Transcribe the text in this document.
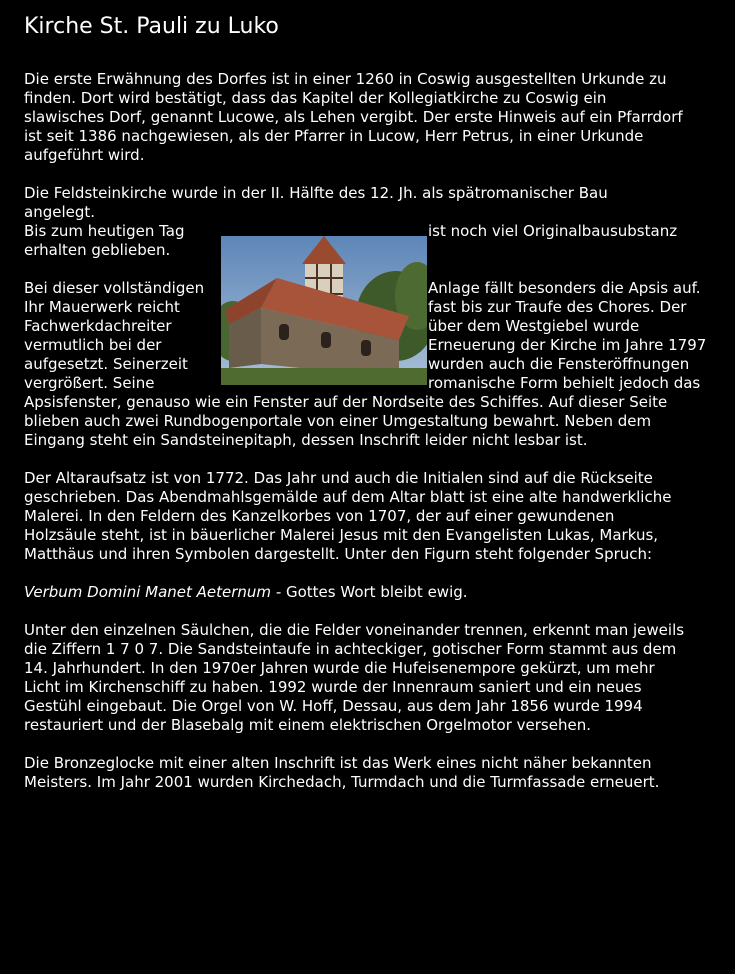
Kirche St. Pauli zu Luko
Die erste Erwähnung des Dorfes ist in einer 1260 in Coswig ausgestellten Urkunde zu
finden. Dort wird bestätigt, dass das Kapitel der Kollegiatkirche zu Coswig ein
slawisches Dorf, genannt Lucowe, als Lehen vergibt. Der erste Hinweis auf ein Pfarrdorf
ist seit 1386 nachgewiesen, als der Pfarrer in Lucow, Herr Petrus, in einer Urkunde
aufgeführt wird.
Die Feldsteinkirche wurde in der II. Hälfte des 12. Jh. als spätromanischer Bau
angelegt.
Bis zum heutigen Tag	ist noch viel Originalbausubstanz
erhalten geblieben.
Bei dieser vollständigen	Anlage fällt besonders die Apsis auf.
Ihr Mauerwerk reicht	fast bis zur Traufe des Chores. Der
Fachwerkdachreiter	über dem Westgiebel wurde
vermutlich bei der	Erneuerung der Kirche im Jahre 1797
aufgesetzt. Seinerzeit	wurden auch die Fensteröffnungen
vergrößert. Seine	romanische Form behielt jedoch das
Apsisfenster, genauso wie ein Fenster auf der Nordseite des Schiffes. Auf dieser Seite
blieben auch zwei Rundbogenportale von einer Umgestaltung bewahrt. Neben dem
Eingang steht ein Sandsteinepitaph, dessen Inschrift leider nicht lesbar ist.
Der Altaraufsatz ist von 1772. Das Jahr und auch die Initialen sind auf die Rückseite
geschrieben. Das Abendmahlsgemälde auf dem Altar blatt ist eine alte handwerkliche
Malerei. In den Feldern des Kanzelkorbes von 1707, der auf einer gewundenen
Holzsäule steht, ist in bäuerlicher Malerei Jesus mit den Evangelisten Lukas, Markus,
Matthäus und ihren Symbolen dargestellt. Unter den Figurn steht folgender Spruch:
Verbum Domini Manet Aeternum - Gottes Wort bleibt ewig.
Unter den einzelnen Säulchen, die die Felder voneinander trennen, erkennt man jeweils
die Ziffern 1 7 0 7. Die Sandsteintaufe in achteckiger, gotischer Form stammt aus dem
14. Jahrhundert. In den 1970er Jahren wurde die Hufeisenempore gekürzt, um mehr
Licht im Kirchenschiff zu haben. 1992 wurde der Innenraum saniert und ein neues
Gestühl eingebaut. Die Orgel von W. Hoff, Dessau, aus dem Jahr 1856 wurde 1994
restauriert und der Blasebalg mit einem elektrischen Orgelmotor versehen.
Die Bronzeglocke mit einer alten Inschrift ist das Werk eines nicht näher bekannten
Meisters. Im Jahr 2001 wurden Kirchedach, Turmdach und die Turmfassade erneuert.
